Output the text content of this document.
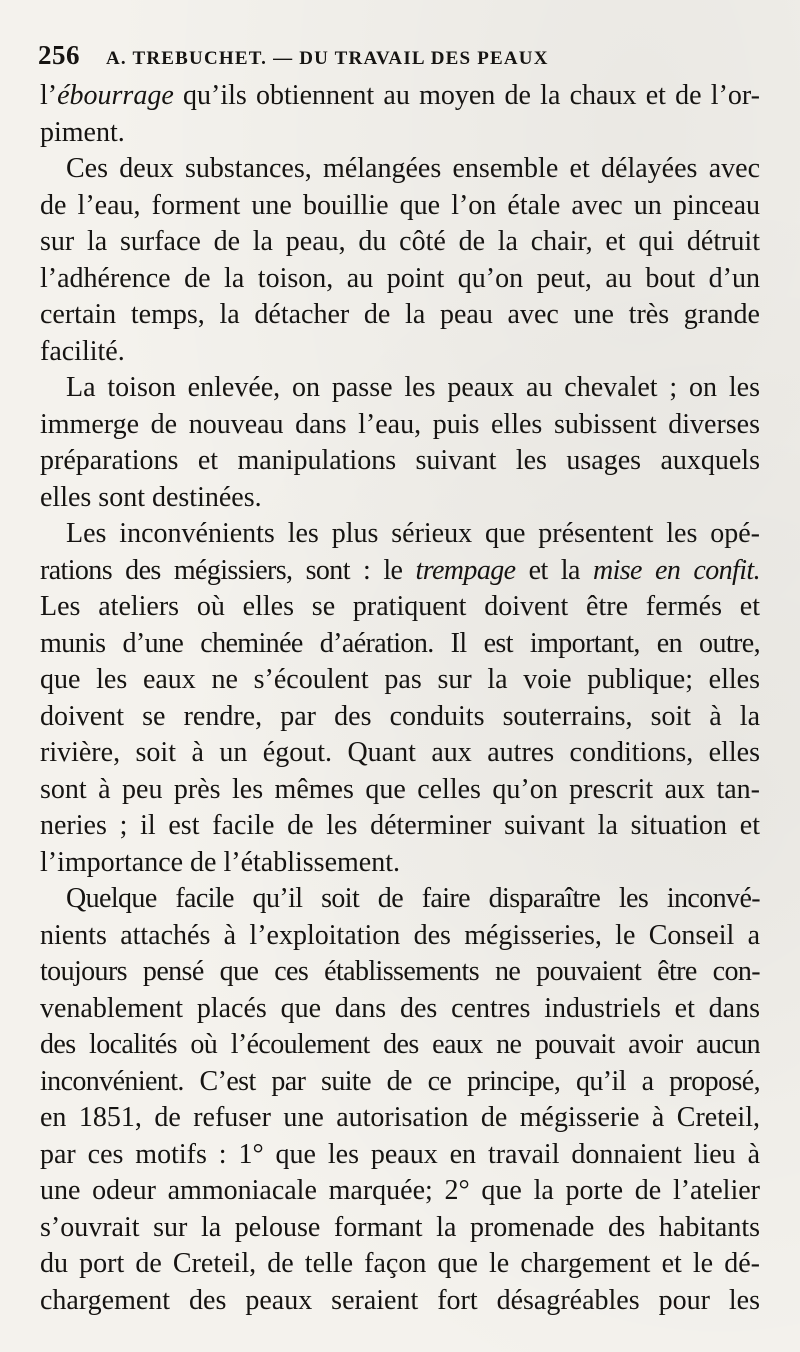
256 A. TREBUCHET. — DU TRAVAIL DES PEAUX
l’ébourrage qu’ils obtiennent au moyen de la chaux et de l’or-
piment.
Ces deux substances, mélangées ensemble et délayées avec
de l’eau, forment une bouillie que l’on étale avec un pinceau
sur la surface de la peau, du côté de la chair, et qui détruit
l’adhérence de la toison, au point qu’on peut, au bout d’un
certain temps, la détacher de la peau avec une très grande
facilité.
La toison enlevée, on passe les peaux au chevalet ; on les
immerge de nouveau dans l’eau, puis elles subissent diverses
préparations et manipulations suivant les usages auxquels
elles sont destinées.
Les inconvénients les plus sérieux que présentent les opé-
rations des mégissiers, sont : le trempage et la mise en confit.
Les ateliers où elles se pratiquent doivent être fermés et
munis d’une cheminée d’aération. Il est important, en outre,
que les eaux ne s’écoulent pas sur la voie publique; elles
doivent se rendre, par des conduits souterrains, soit à la
rivière, soit à un égout. Quant aux autres conditions, elles
sont à peu près les mêmes que celles qu’on prescrit aux tan-
neries ; il est facile de les déterminer suivant la situation et
l’importance de l’établissement.
Quelque facile qu’il soit de faire disparaître les inconvé-
nients attachés à l’exploitation des mégisseries, le Conseil a
toujours pensé que ces établissements ne pouvaient être con-
venablement placés que dans des centres industriels et dans
des localités où l’écoulement des eaux ne pouvait avoir aucun
inconvénient. C’est par suite de ce principe, qu’il a proposé,
en 1851, de refuser une autorisation de mégisserie à Creteil,
par ces motifs : 1° que les peaux en travail donnaient lieu à
une odeur ammoniacale marquée; 2° que la porte de l’atelier
s’ouvrait sur la pelouse formant la promenade des habitants
du port de Creteil, de telle façon que le chargement et le dé-
chargement des peaux seraient fort désagréables pour les
